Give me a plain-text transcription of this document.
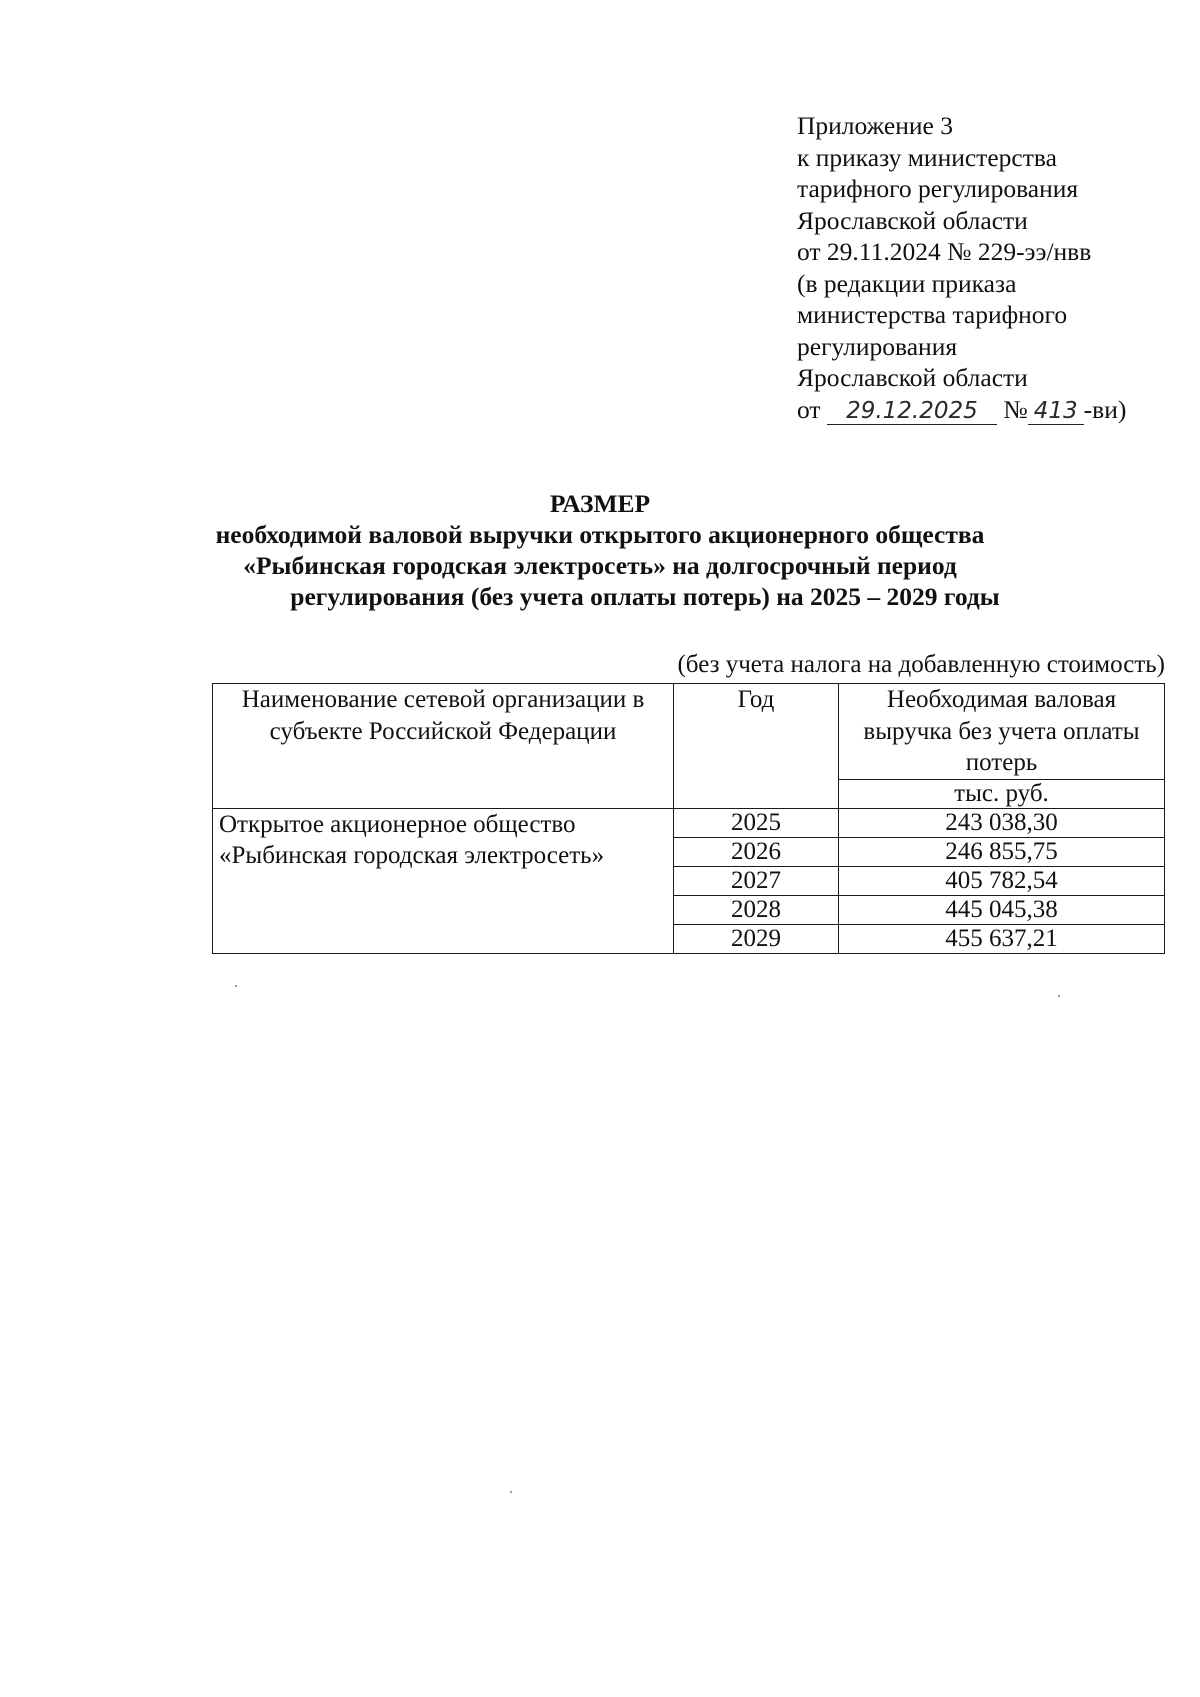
Приложение 3
к приказу министерства
тарифного регулирования
Ярославской области
от 29.11.2024 № 229-ээ/нвв
(в редакции приказа
министерства тарифного
регулирования
Ярославской области
от 29.12.2025 № 413 -ви)
РАЗМЕР
необходимой валовой выручки открытого акционерного общества
«Рыбинская городская электросеть» на долгосрочный период
регулирования (без учета оплаты потерь) на 2025 – 2029 годы
(без учета налога на добавленную стоимость)
Наименование сетевой организации в субъекте Российской Федерации	Год	Необходимая валовая выручка без учета оплаты потерь
		тыс. руб.
Открытое акционерное общество «Рыбинская городская электросеть»	2025	243 038,30
	2026	246 855,75
	2027	405 782,54
	2028	445 045,38
	2029	455 637,21
